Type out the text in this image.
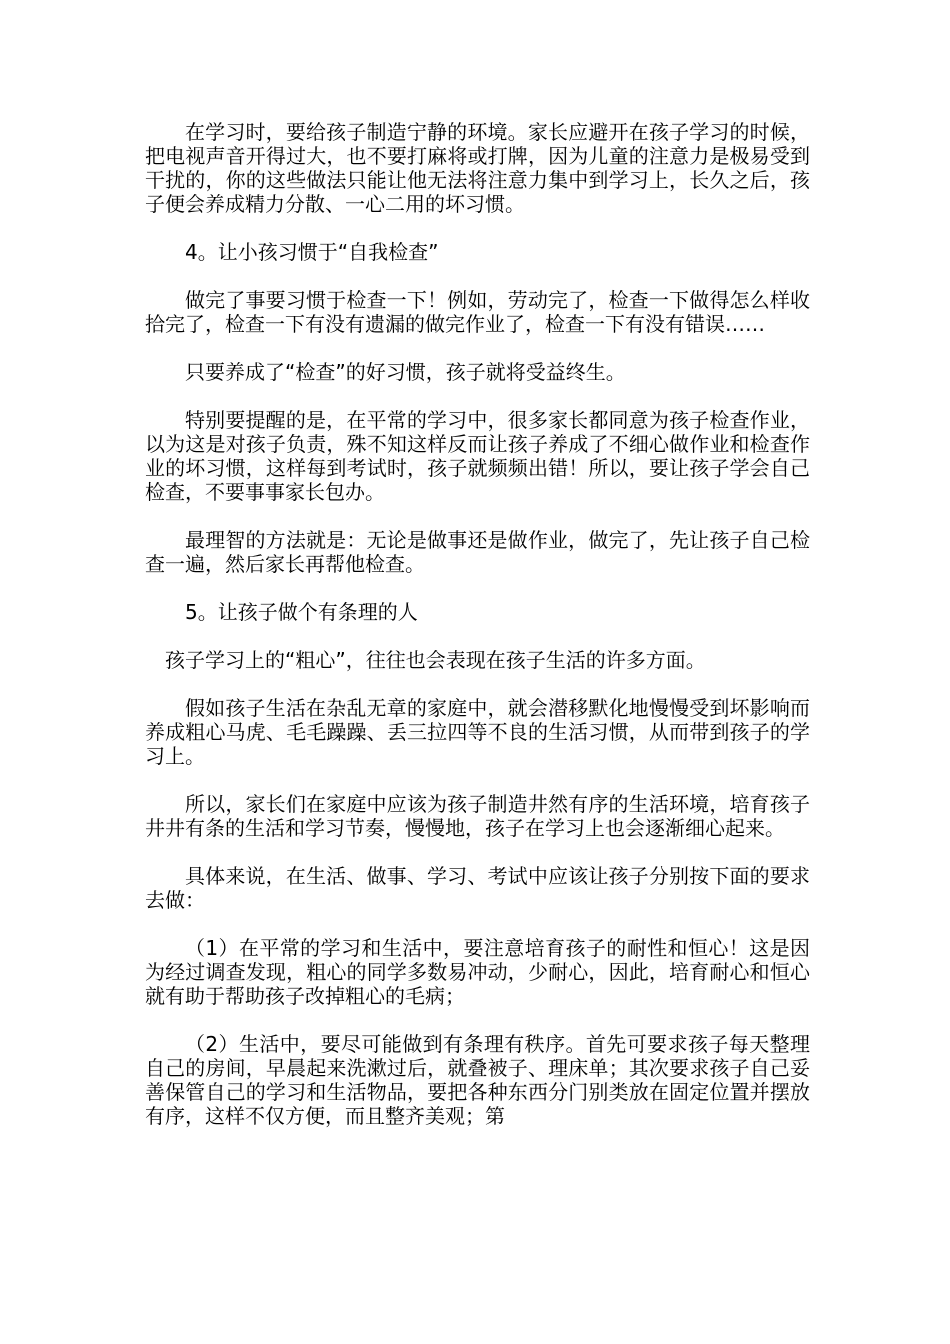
在学习时，要给孩子制造宁静的环境。家长应避开在孩子学习的时候，把电视声音开得过大，也不要打麻将或打牌，因为儿童的注意力是极易受到干扰的，你的这些做法只能让他无法将注意力集中到学习上，长久之后，孩子便会养成精力分散、一心二用的坏习惯。

4。让小孩习惯于“自我检查”

做完了事要习惯于检查一下！例如，劳动完了，检查一下做得怎么样收拾完了，检查一下有没有遗漏的做完作业了，检查一下有没有错误……

只要养成了“检查”的好习惯，孩子就将受益终生。

特别要提醒的是，在平常的学习中，很多家长都同意为孩子检查作业，以为这是对孩子负责，殊不知这样反而让孩子养成了不细心做作业和检查作业的坏习惯，这样每到考试时，孩子就频频出错！所以，要让孩子学会自己检查，不要事事家长包办。

最理智的方法就是：无论是做事还是做作业，做完了，先让孩子自己检查一遍，然后家长再帮他检查。

5。让孩子做个有条理的人

孩子学习上的“粗心”，往往也会表现在孩子生活的许多方面。

假如孩子生活在杂乱无章的家庭中，就会潜移默化地慢慢受到坏影响而养成粗心马虎、毛毛躁躁、丢三拉四等不良的生活习惯，从而带到孩子的学习上。

所以，家长们在家庭中应该为孩子制造井然有序的生活环境，培育孩子井井有条的生活和学习节奏，慢慢地，孩子在学习上也会逐渐细心起来。

具体来说，在生活、做事、学习、考试中应该让孩子分别按下面的要求去做：

（1）在平常的学习和生活中，要注意培育孩子的耐性和恒心！这是因为经过调查发现，粗心的同学多数易冲动，少耐心，因此，培育耐心和恒心就有助于帮助孩子改掉粗心的毛病；

（2）生活中，要尽可能做到有条理有秩序。首先可要求孩子每天整理自己的房间，早晨起来洗漱过后，就叠被子、理床单；其次要求孩子自己妥善保管自己的学习和生活物品，要把各种东西分门别类放在固定位置并摆放有序，这样不仅方便，而且整齐美观；第
